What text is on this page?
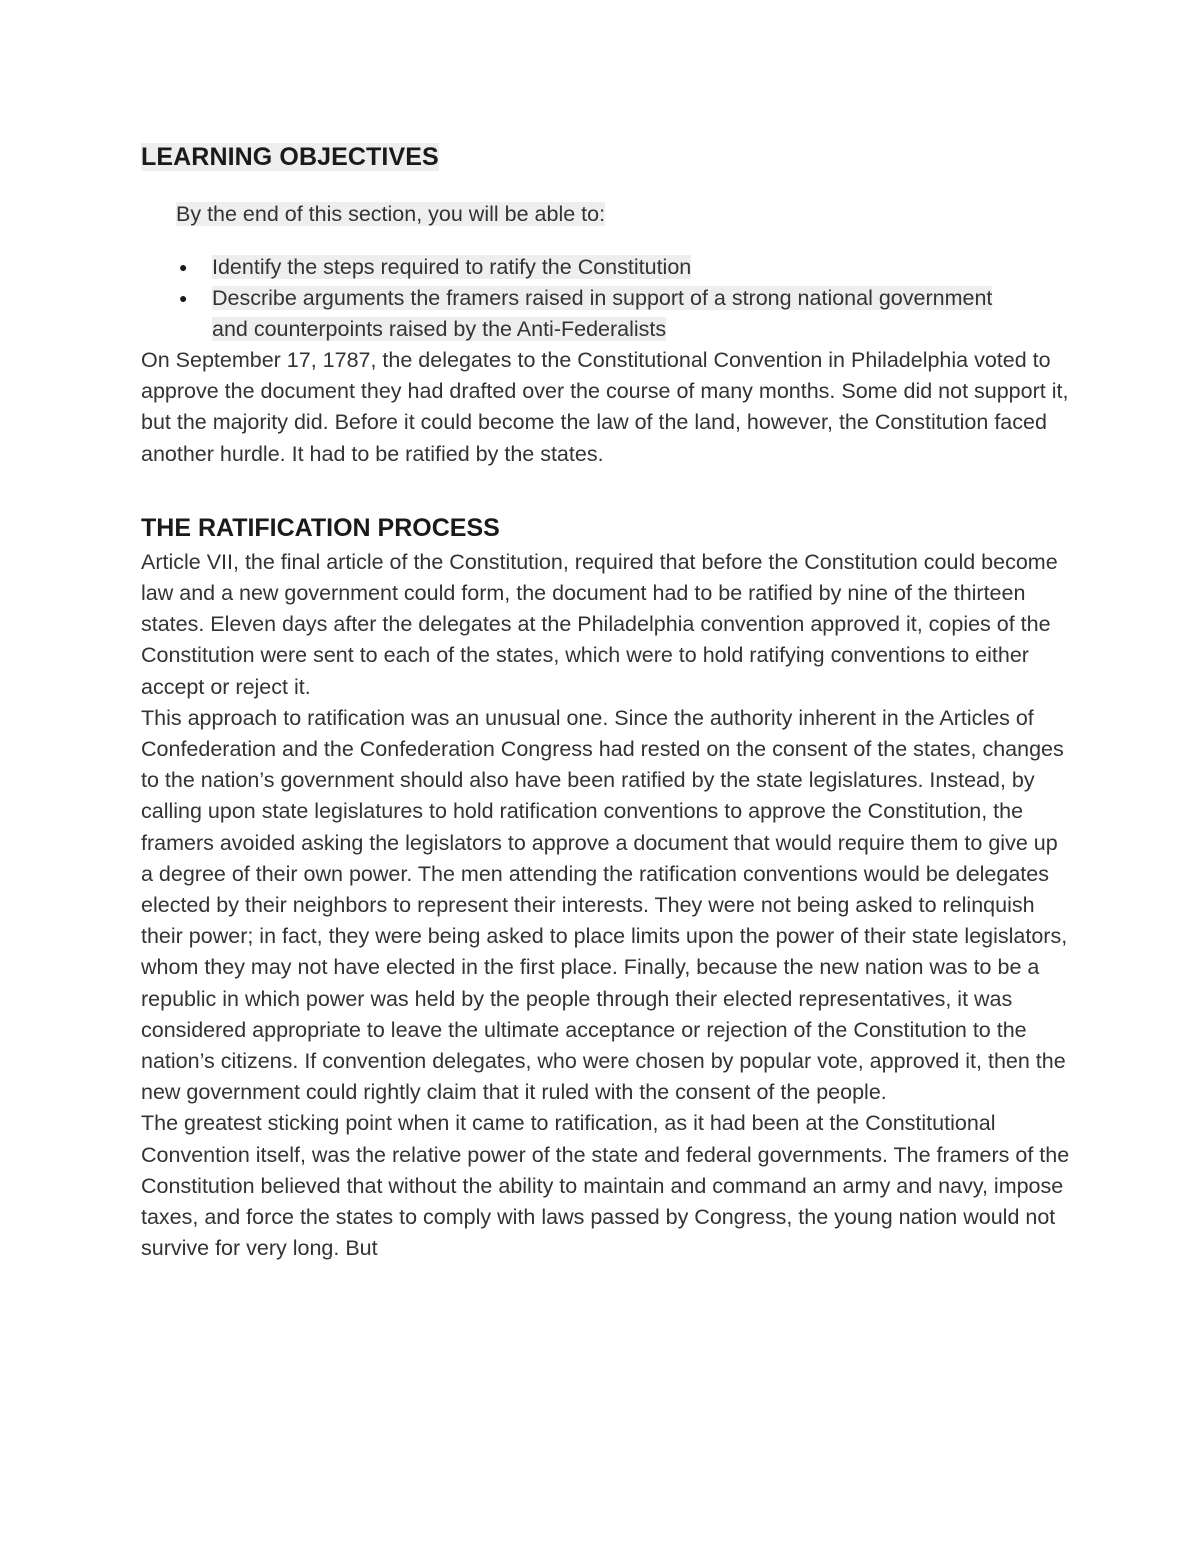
LEARNING OBJECTIVES
By the end of this section, you will be able to:
● Identify the steps required to ratify the Constitution
● Describe arguments the framers raised in support of a strong national government and counterpoints raised by the Anti-Federalists

On September 17, 1787, the delegates to the Constitutional Convention in Philadelphia voted to approve the document they had drafted over the course of many months. Some did not support it, but the majority did. Before it could become the law of the land, however, the Constitution faced another hurdle. It had to be ratified by the states.

THE RATIFICATION PROCESS

Article VII, the final article of the Constitution, required that before the Constitution could become law and a new government could form, the document had to be ratified by nine of the thirteen states. Eleven days after the delegates at the Philadelphia convention approved it, copies of the Constitution were sent to each of the states, which were to hold ratifying conventions to either accept or reject it.

This approach to ratification was an unusual one. Since the authority inherent in the Articles of Confederation and the Confederation Congress had rested on the consent of the states, changes to the nation’s government should also have been ratified by the state legislatures. Instead, by calling upon state legislatures to hold ratification conventions to approve the Constitution, the framers avoided asking the legislators to approve a document that would require them to give up a degree of their own power. The men attending the ratification conventions would be delegates elected by their neighbors to represent their interests. They were not being asked to relinquish their power; in fact, they were being asked to place limits upon the power of their state legislators, whom they may not have elected in the first place. Finally, because the new nation was to be a republic in which power was held by the people through their elected representatives, it was considered appropriate to leave the ultimate acceptance or rejection of the Constitution to the nation’s citizens. If convention delegates, who were chosen by popular vote, approved it, then the new government could rightly claim that it ruled with the consent of the people.

The greatest sticking point when it came to ratification, as it had been at the Constitutional Convention itself, was the relative power of the state and federal governments. The framers of the Constitution believed that without the ability to maintain and command an army and navy, impose taxes, and force the states to comply with laws passed by Congress, the young nation would not survive for very long. But
